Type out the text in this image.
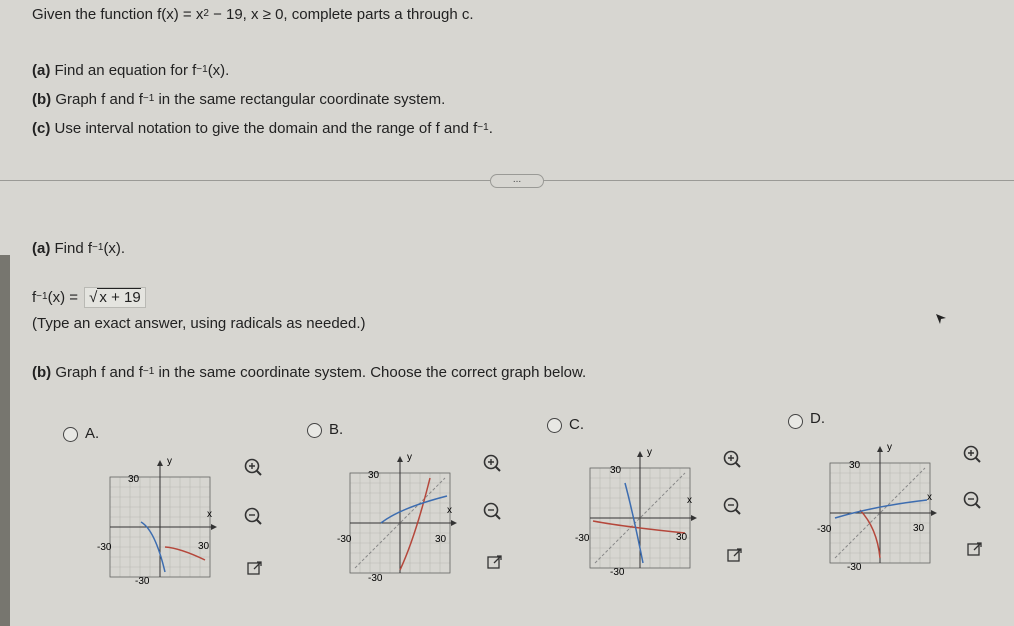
Given the function $f(x) = x^2 - 19$, x ≥ 0, complete parts a through c.
(a) Find an equation for $f^{-1}(x)$.
(b) Graph f and $f^{-1}$ in the same rectangular coordinate system.
(c) Use interval notation to give the domain and the range of f and $f^{-1}$.
...
(a) Find $f^{-1}(x)$.
$f^{-1}(x)$ = √ x + 19
(Type an exact answer, using radicals as needed.)
(b) Graph f and $f^{-1}$ in the same coordinate system. Choose the correct graph below.
A.	B.	C.	D.
y
x
30
-30	30
-30
y
x
30
-30	30
-30
y
x
30
-30	30
-30
y
x
30
-30	30
-30
